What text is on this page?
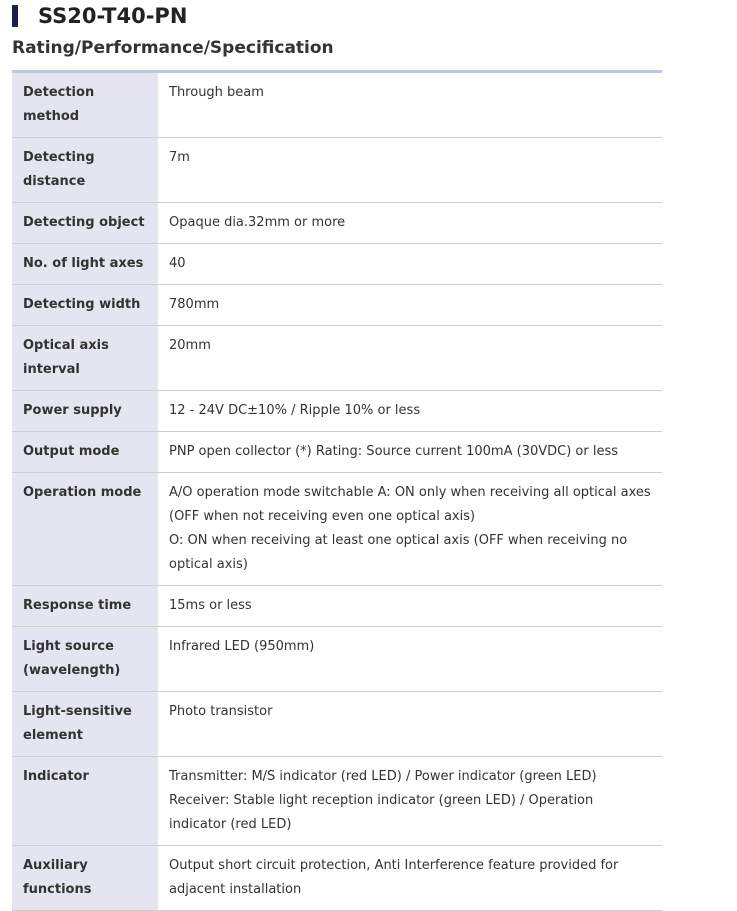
SS20-T40-PN
Rating/Performance/Specification
Detection method	Through beam

Detecting distance	7m

Detecting object	Opaque dia.32mm or more

No. of light axes	40

Detecting width	780mm

Optical axis interval	20mm

Power supply	12 - 24V DC±10% / Ripple 10% or less

Output mode	PNP open collector (*) Rating: Source current 100mA (30VDC) or less

Operation mode	A/O operation mode switchable A: ON only when receiving all optical axes (OFF when not receiving even one optical axis)
O: ON when receiving at least one optical axis (OFF when receiving no optical axis)

Response time	15ms or less

Light source (wavelength)	Infrared LED (950mm)

Light-sensitive element	Photo transistor

Indicator	Transmitter: M/S indicator (red LED) / Power indicator (green LED)
Receiver: Stable light reception indicator (green LED) / Operation indicator (red LED)

Auxiliary functions	Output short circuit protection, Anti Interference feature provided for adjacent installation
